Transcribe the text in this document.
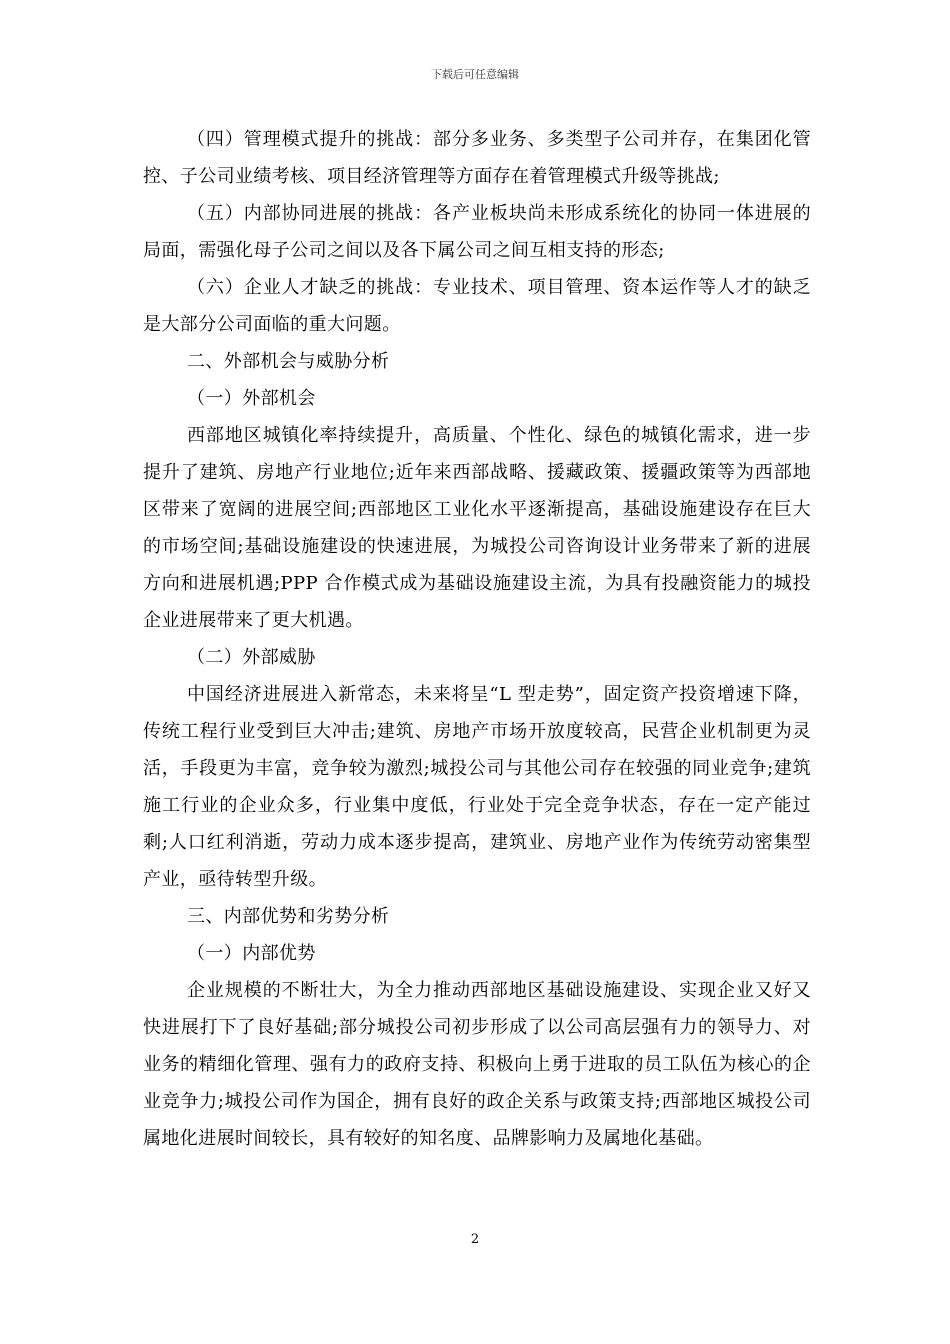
下载后可任意编辑

（四）管理模式提升的挑战：部分多业务、多类型子公司并存，在集团化管控、子公司业绩考核、项目经济管理等方面存在着管理模式升级等挑战;

（五）内部协同进展的挑战：各产业板块尚未形成系统化的协同一体进展的局面，需强化母子公司之间以及各下属公司之间互相支持的形态;

（六）企业人才缺乏的挑战：专业技术、项目管理、资本运作等人才的缺乏是大部分公司面临的重大问题。

二、外部机会与威胁分析

（一）外部机会

西部地区城镇化率持续提升，高质量、个性化、绿色的城镇化需求，进一步提升了建筑、房地产行业地位;近年来西部战略、援藏政策、援疆政策等为西部地区带来了宽阔的进展空间;西部地区工业化水平逐渐提高，基础设施建设存在巨大的市场空间;基础设施建设的快速进展，为城投公司咨询设计业务带来了新的进展方向和进展机遇;PPP 合作模式成为基础设施建设主流，为具有投融资能力的城投企业进展带来了更大机遇。

（二）外部威胁

中国经济进展进入新常态，未来将呈“L 型走势”，固定资产投资增速下降，传统工程行业受到巨大冲击;建筑、房地产市场开放度较高，民营企业机制更为灵活，手段更为丰富，竞争较为激烈;城投公司与其他公司存在较强的同业竞争;建筑施工行业的企业众多，行业集中度低，行业处于完全竞争状态，存在一定产能过剩;人口红利消逝，劳动力成本逐步提高，建筑业、房地产业作为传统劳动密集型产业，亟待转型升级。

三、内部优势和劣势分析

（一）内部优势

企业规模的不断壮大，为全力推动西部地区基础设施建设、实现企业又好又快进展打下了良好基础;部分城投公司初步形成了以公司高层强有力的领导力、对业务的精细化管理、强有力的政府支持、积极向上勇于进取的员工队伍为核心的企业竞争力;城投公司作为国企，拥有良好的政企关系与政策支持;西部地区城投公司属地化进展时间较长，具有较好的知名度、品牌影响力及属地化基础。

2
